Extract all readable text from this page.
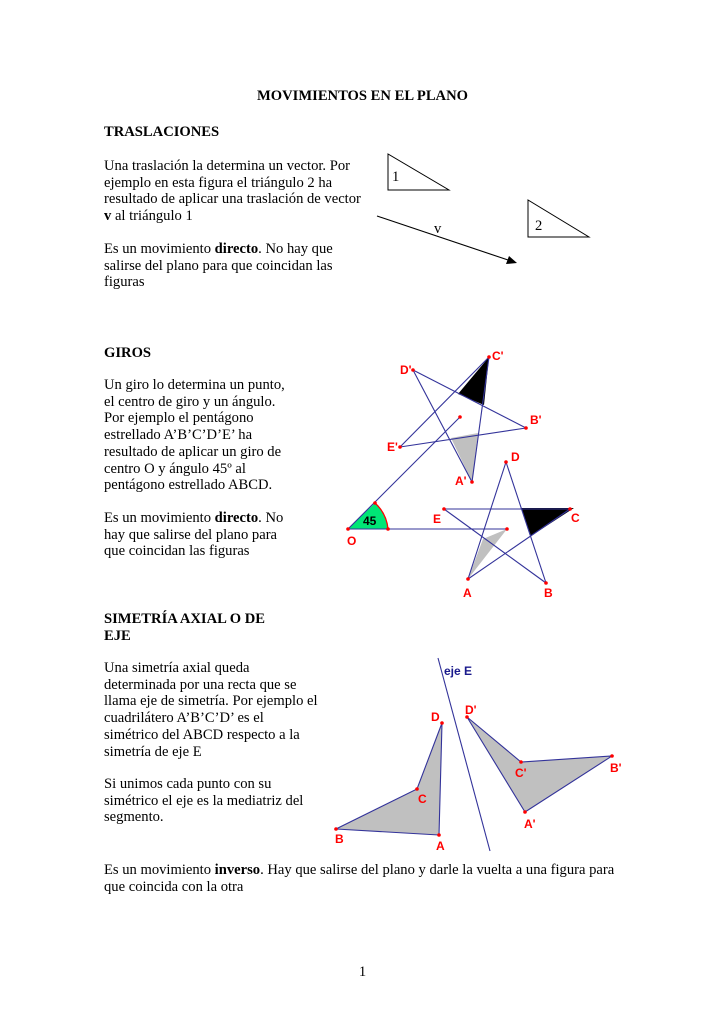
MOVIMIENTOS EN EL PLANO
TRASLACIONES

Una traslación la determina un vector. Por

ejemplo en esta figura el triángulo 2 ha

resultado de aplicar una traslación de vector

v al triángulo 1

Es un movimiento directo. No hay que

salirse del plano para que coincidan las

figuras

1
2
v
GIROS

Un giro lo determina un punto,

el centro de giro y un ángulo.

Por ejemplo el pentágono

estrellado A’B’C’D’E’ ha

resultado de aplicar un giro de

centro O y ángulo 45º al

pentágono estrellado ABCD.

Es un movimiento directo. No

hay que salirse del plano para

que coincidan las figuras

45
O
A	B
C
D
E
A'
B'
C'
D'
E'

SIMETRÍA AXIAL O DE

EJE

Una simetría axial queda

determinada por una recta que se

llama eje de simetría. Por ejemplo el

cuadrilátero A’B’C’D’ es el

simétrico del ABCD respecto a la

simetría de eje E

Si unimos cada punto con su

simétrico el eje es la mediatriz del

segmento.

Es un movimiento inverso. Hay que salirse del plano y darle la vuelta a una figura para

que coincida con la otra

eje E
A
B
C
D
A'
B'
C'
D'
1
